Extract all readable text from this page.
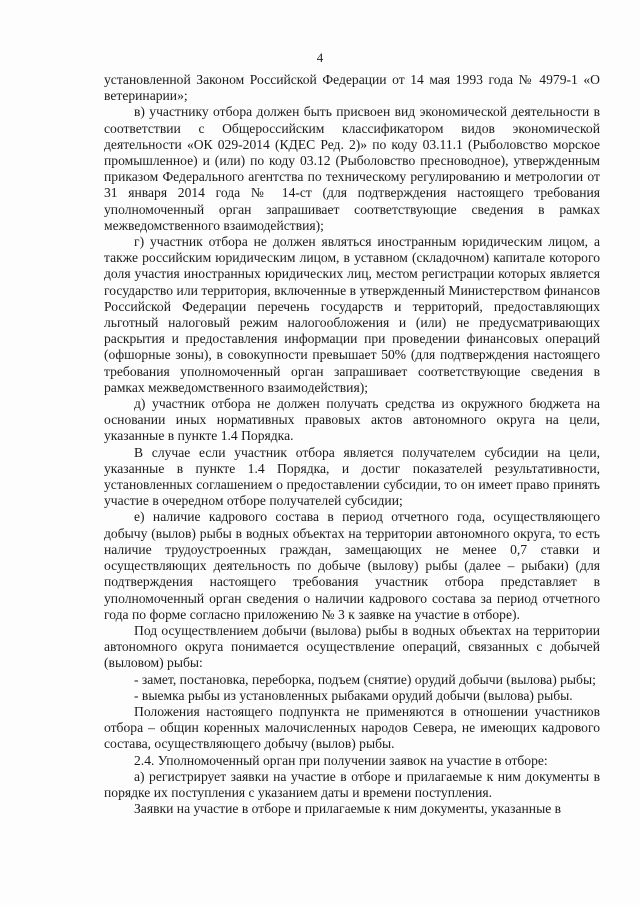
4

установленной Законом Российской Федерации от 14 мая 1993 года № 4979-1 «О ветеринарии»;

в) участнику отбора должен быть присвоен вид экономической деятельности в соответствии с Общероссийским классификатором видов экономической деятельности «ОК 029-2014 (КДЕС Ред. 2)» по коду 03.11.1 (Рыболовство морское промышленное) и (или) по коду 03.12 (Рыболовство пресноводное), утвержденным приказом Федерального агентства по техническому регулированию и метрологии от 31 января 2014 года № 14-ст (для подтверждения настоящего требования уполномоченный орган запрашивает соответствующие сведения в рамках межведомственного взаимодействия);

г) участник отбора не должен являться иностранным юридическим лицом, а также российским юридическим лицом, в уставном (складочном) капитале которого доля участия иностранных юридических лиц, местом регистрации которых является государство или территория, включенные в утвержденный Министерством финансов Российской Федерации перечень государств и территорий, предоставляющих льготный налоговый режим налогообложения и (или) не предусматривающих раскрытия и предоставления информации при проведении финансовых операций (офшорные зоны), в совокупности превышает 50% (для подтверждения настоящего требования уполномоченный орган запрашивает соответствующие сведения в рамках межведомственного взаимодействия);

д) участник отбора не должен получать средства из окружного бюджета на основании иных нормативных правовых актов автономного округа на цели, указанные в пункте 1.4 Порядка.

В случае если участник отбора является получателем субсидии на цели, указанные в пункте 1.4 Порядка, и достиг показателей результативности, установленных соглашением о предоставлении субсидии, то он имеет право принять участие в очередном отборе получателей субсидии;

е) наличие кадрового состава в период отчетного года, осуществляющего добычу (вылов) рыбы в водных объектах на территории автономного округа, то есть наличие трудоустроенных граждан, замещающих не менее 0,7 ставки и осуществляющих деятельность по добыче (вылову) рыбы (далее – рыбаки) (для подтверждения настоящего требования участник отбора представляет в уполномоченный орган сведения о наличии кадрового состава за период отчетного года по форме согласно приложению № 3 к заявке на участие в отборе).

Под осуществлением добычи (вылова) рыбы в водных объектах на территории автономного округа понимается осуществление операций, связанных с добычей (выловом) рыбы:

- замет, постановка, переборка, подъем (снятие) орудий добычи (вылова) рыбы;

- выемка рыбы из установленных рыбаками орудий добычи (вылова) рыбы.

Положения настоящего подпункта не применяются в отношении участников отбора – общин коренных малочисленных народов Севера, не имеющих кадрового состава, осуществляющего добычу (вылов) рыбы.

2.4. Уполномоченный орган при получении заявок на участие в отборе:

а) регистрирует заявки на участие в отборе и прилагаемые к ним документы в порядке их поступления с указанием даты и времени поступления.

Заявки на участие в отборе и прилагаемые к ним документы, указанные в
